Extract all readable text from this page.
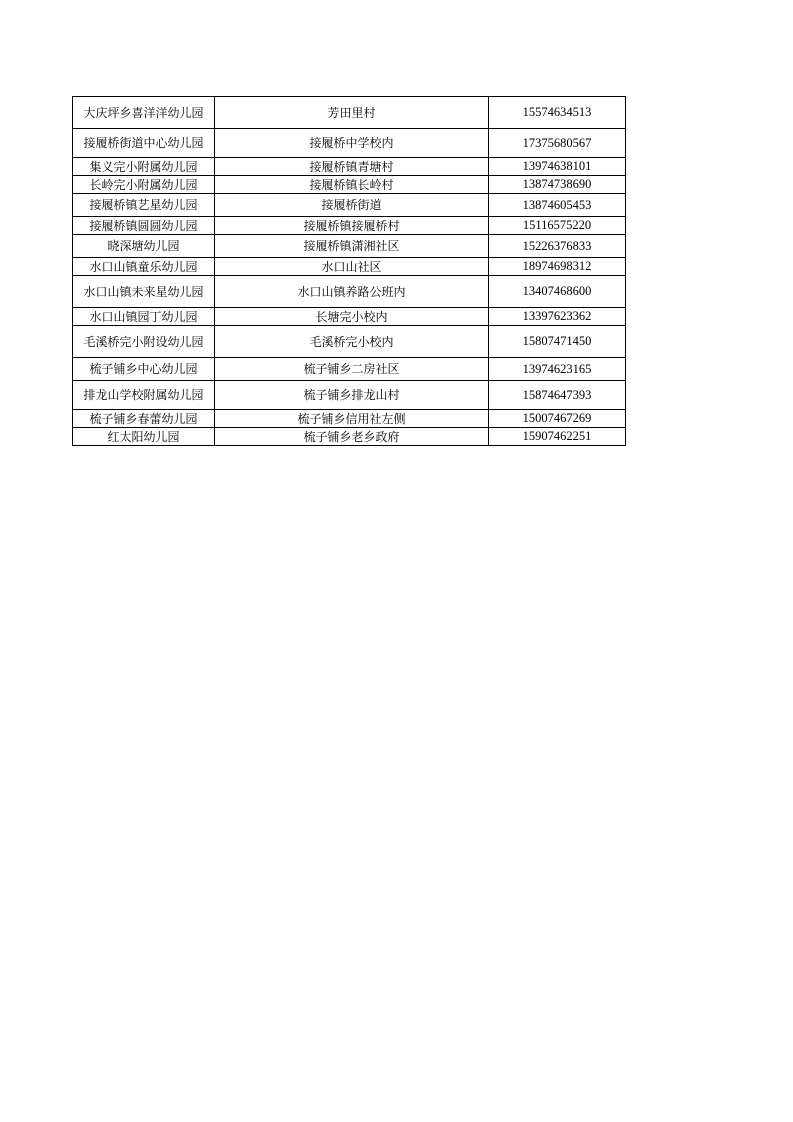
大庆坪乡喜洋洋幼儿园	芳田里村	15574634513
接履桥街道中心幼儿园	接履桥中学校内	17375680567
集义完小附属幼儿园	接履桥镇青塘村	13974638101
长岭完小附属幼儿园	接履桥镇长岭村	13874738690
接履桥镇艺星幼儿园	接履桥街道	13874605453
接履桥镇圆圆幼儿园	接履桥镇接履桥村	15116575220
晓深塘幼儿园	接履桥镇潇湘社区	15226376833
水口山镇童乐幼儿园	水口山社区	18974698312
水口山镇未来星幼儿园	水口山镇养路公班内	13407468600
水口山镇园丁幼儿园	长塘完小校内	13397623362
毛溪桥完小附设幼儿园	毛溪桥完小校内	15807471450
梳子铺乡中心幼儿园	梳子铺乡二房社区	13974623165
排龙山学校附属幼儿园	梳子铺乡排龙山村	15874647393
梳子铺乡春蕾幼儿园	梳子铺乡信用社左侧	15007467269
红太阳幼儿园	梳子铺乡老乡政府	15907462251
